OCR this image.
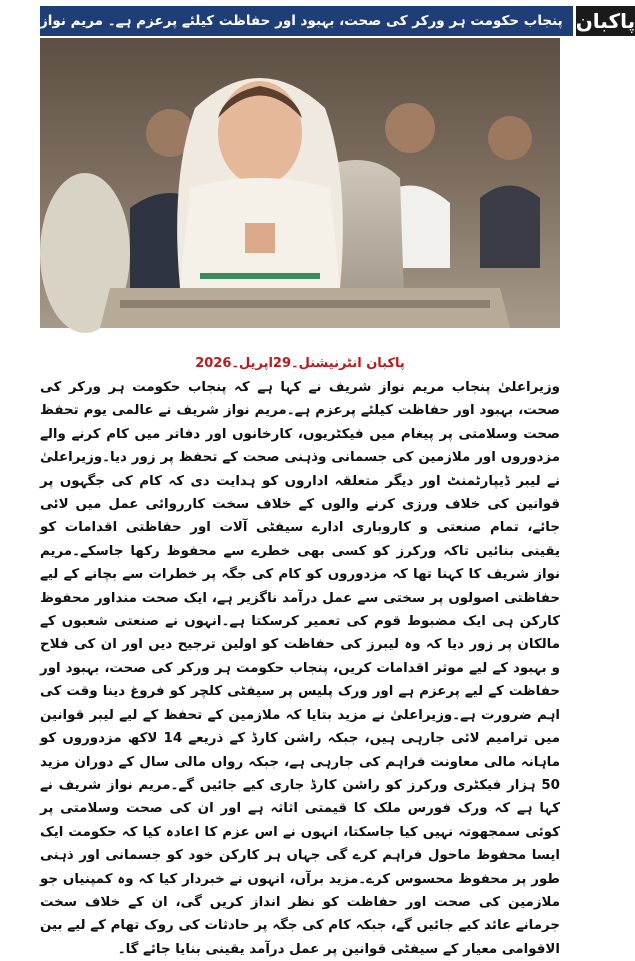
پنجاب حکومت ہر ورکر کی صحت، بہبود اور حفاظت کیلئے پرعزم ہے۔ مریم نواز پاکبان
پاکبان انٹرنیشنل۔29اپریل۔2026

وزیراعلیٰ پنجاب مریم نواز شریف نے کہا ہے کہ پنجاب حکومت ہر ورکر کی صحت، بہبود اور حفاظت کیلئے پرعزم ہے۔مریم نواز شریف نے عالمی یوم تحفظ صحت وسلامتی پر پیغام میں فیکٹریوں، کارخانوں اور دفاتر میں کام کرنے والے مزدوروں اور ملازمین کی جسمانی وذہنی صحت کے تحفظ پر زور دیا۔وزیراعلیٰ نے لیبر ڈیپارٹمنٹ اور دیگر متعلقہ اداروں کو ہدایت دی کہ کام کی جگہوں پر قوانین کی خلاف ورزی کرنے والوں کے خلاف سخت کارروائی عمل میں لائی جائے، تمام صنعتی و کاروباری ادارے سیفٹی آلات اور حفاظتی اقدامات کو یقینی بنائیں تاکہ ورکرز کو کسی بھی خطرے سے محفوظ رکھا جاسکے۔مریم نواز شریف کا کہنا تھا کہ مزدوروں کو کام کی جگہ پر خطرات سے بچانے کے لیے حفاظتی اصولوں پر سختی سے عمل درآمد ناگزیر ہے، ایک صحت منداور محفوظ کارکن ہی ایک مضبوط قوم کی تعمیر کرسکتا ہے۔انہوں نے صنعتی شعبوں کے مالکان پر زور دیا کہ وہ لیبرز کی حفاظت کو اولین ترجیح دیں اور ان کی فلاح و بہبود کے لیے موثر اقدامات کریں، پنجاب حکومت ہر ورکر کی صحت، بہبود اور حفاظت کے لیے پرعزم ہے اور ورک پلیس پر سیفٹی کلچر کو فروغ دینا وقت کی اہم ضرورت ہے۔وزیراعلیٰ نے مزید بتایا کہ ملازمین کے تحفظ کے لیے لیبر قوانین میں ترامیم لائی جارہی ہیں، جبکہ راشن کارڈ کے ذریعے 14 لاکھ مزدوروں کو ماہانہ مالی معاونت فراہم کی جارہی ہے، جبکہ رواں مالی سال کے دوران مزید 50 ہزار فیکٹری ورکرز کو راشن کارڈ جاری کیے جائیں گے۔مریم نواز شریف نے کہا ہے کہ ورک فورس ملک کا قیمتی اثاثہ ہے اور ان کی صحت وسلامتی پر کوئی سمجھوتہ نہیں کیا جاسکتا، انہوں نے اس عزم کا اعادہ کیا کہ حکومت ایک ایسا محفوظ ماحول فراہم کرے گی جہاں ہر کارکن خود کو جسمانی اور ذہنی طور پر محفوظ محسوس کرے۔مزید برآں، انہوں نے خبردار کیا کہ وہ کمپنیاں جو ملازمین کی صحت اور حفاظت کو نظر انداز کریں گی، ان کے خلاف سخت جرمانے عائد کیے جائیں گے، جبکہ کام کی جگہ پر حادثات کی روک تھام کے لیے بین الاقوامی معیار کے سیفٹی قوانین پر عمل درآمد یقینی بنایا جائے گا۔
